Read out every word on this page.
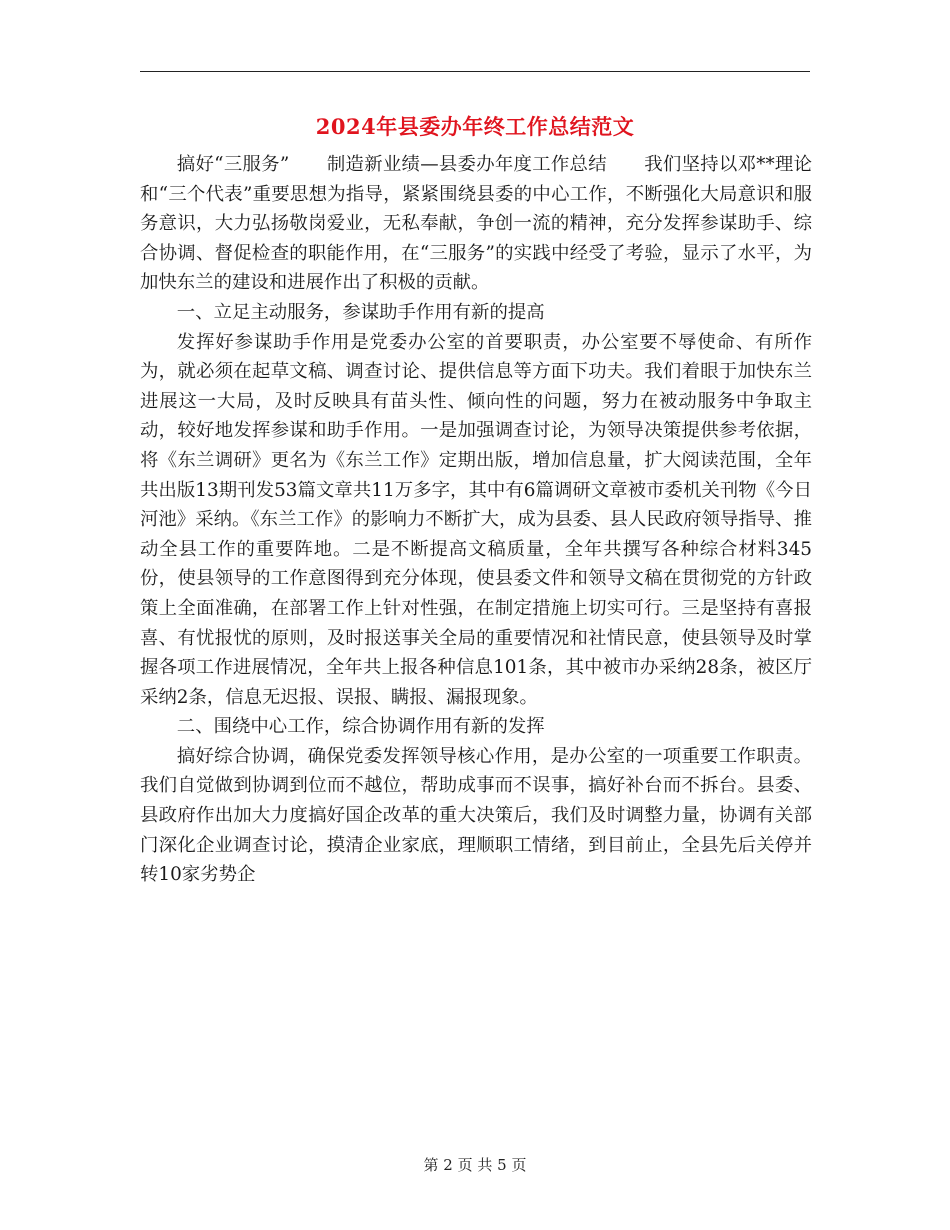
2024年县委办年终工作总结范文

搞好“三服务”　　制造新业绩—县委办年度工作总结　　我们坚持以邓**理论和“三个代表”重要思想为指导，紧紧围绕县委的中心工作，不断强化大局意识和服务意识，大力弘扬敬岗爱业，无私奉献，争创一流的精神，充分发挥参谋助手、综合协调、督促检查的职能作用，在“三服务”的实践中经受了考验，显示了水平，为加快东兰的建设和进展作出了积极的贡献。

一、立足主动服务，参谋助手作用有新的提高

发挥好参谋助手作用是党委办公室的首要职责，办公室要不辱使命、有所作为，就必须在起草文稿、调查讨论、提供信息等方面下功夫。我们着眼于加快东兰进展这一大局，及时反映具有苗头性、倾向性的问题，努力在被动服务中争取主动，较好地发挥参谋和助手作用。一是加强调查讨论，为领导决策提供参考依据，将《东兰调研》更名为《东兰工作》定期出版，增加信息量，扩大阅读范围，全年共出版13期刊发53篇文章共11万多字，其中有6篇调研文章被市委机关刊物《今日河池》采纳。《东兰工作》的影响力不断扩大，成为县委、县人民政府领导指导、推动全县工作的重要阵地。二是不断提高文稿质量，全年共撰写各种综合材料345份，使县领导的工作意图得到充分体现，使县委文件和领导文稿在贯彻党的方针政策上全面准确，在部署工作上针对性强，在制定措施上切实可行。三是坚持有喜报喜、有忧报忧的原则，及时报送事关全局的重要情况和社情民意，使县领导及时掌握各项工作进展情况，全年共上报各种信息101条，其中被市办采纳28条，被区厅采纳2条，信息无迟报、误报、瞒报、漏报现象。

二、围绕中心工作，综合协调作用有新的发挥

搞好综合协调，确保党委发挥领导核心作用，是办公室的一项重要工作职责。我们自觉做到协调到位而不越位，帮助成事而不误事，搞好补台而不拆台。县委、县政府作出加大力度搞好国企改革的重大决策后，我们及时调整力量，协调有关部门深化企业调查讨论，摸清企业家底，理顺职工情绪，到目前止，全县先后关停并转10家劣势企

第 2 页 共 5 页
